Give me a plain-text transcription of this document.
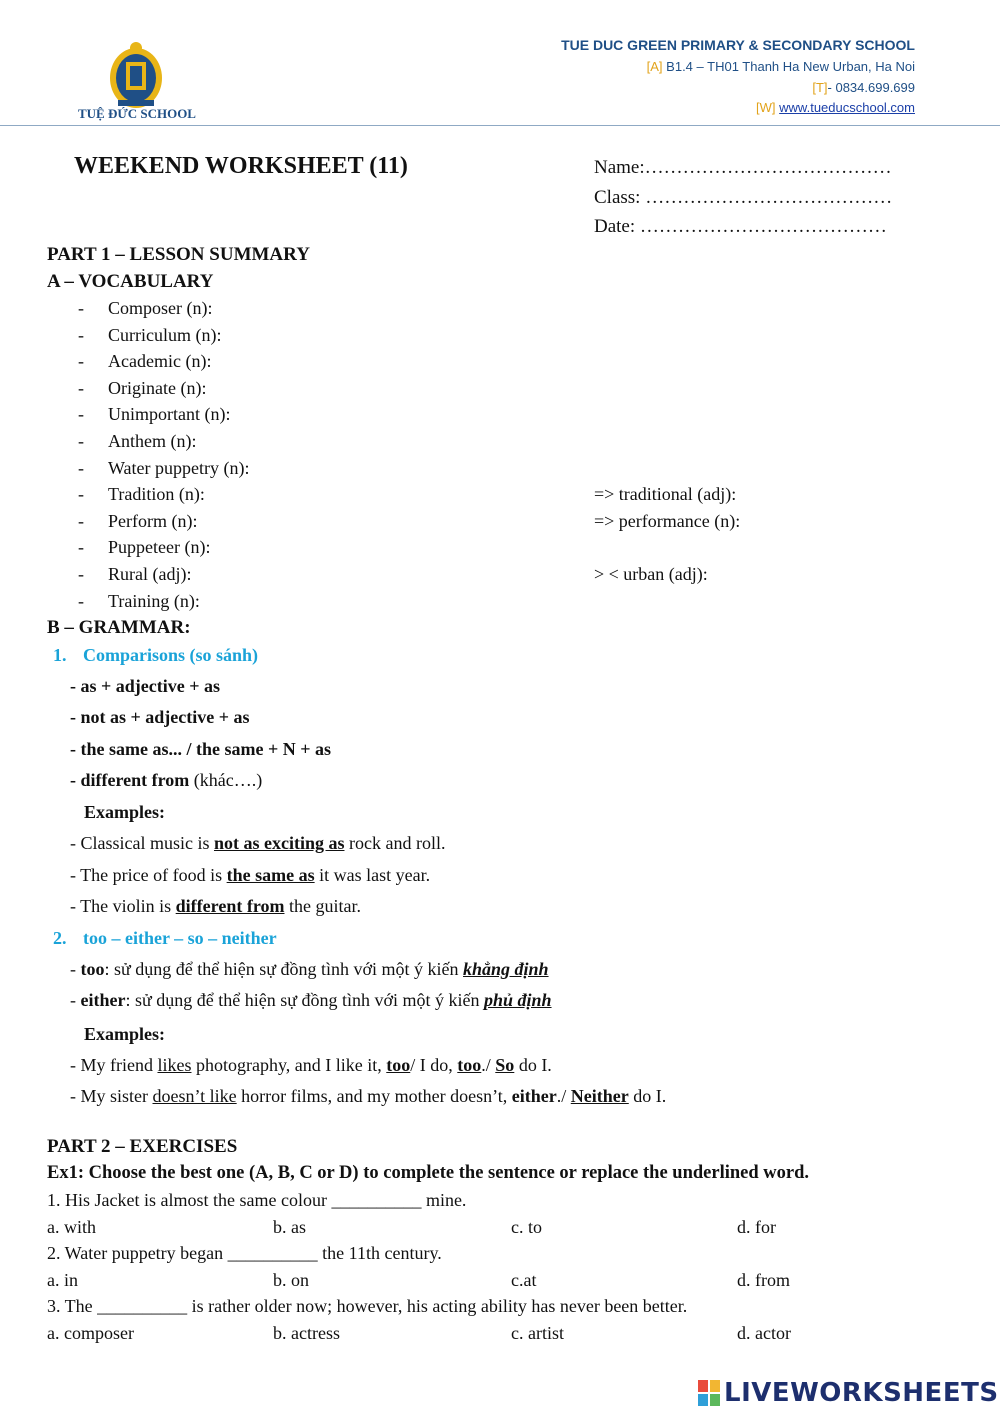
TUỆ ĐỨC SCHOOL
TUE DUC GREEN PRIMARY & SECONDARY SCHOOL
[A] B1.4 – TH01 Thanh Ha New Urban, Ha Noi
[T]- 0834.699.699
[W] www.tueducschool.com
WEEKEND WORKSHEET (11)	Name:…………………………………
Class: …………………………………
Date: …………………………………
PART 1 – LESSON SUMMARY
A – VOCABULARY
- Composer (n):
- Curriculum (n):
- Academic (n):
- Originate (n):
- Unimportant (n):
- Anthem (n):
- Water puppetry (n):
- Tradition (n):	=> traditional (adj):
- Perform (n):	=> performance (n):
- Puppeteer (n):
- Rural (adj):	> < urban (adj):
- Training (n):
B – GRAMMAR:
1. Comparisons (so sánh)
- as + adjective + as
- not as + adjective + as
- the same as... / the same + N + as
- different from (khác….)
Examples:
- Classical music is not as exciting as rock and roll.
- The price of food is the same as it was last year.
- The violin is different from the guitar.
2. too – either – so – neither
- too: sử dụng để thể hiện sự đồng tình với một ý kiến khẳng định
- either: sử dụng để thể hiện sự đồng tình với một ý kiến phủ định
Examples:
- My friend likes photography, and I like it, too/ I do, too./ So do I.
- My sister doesn’t like horror films, and my mother doesn’t, either./ Neither do I.
PART 2 – EXERCISES
Ex1: Choose the best one (A, B, C or D) to complete the sentence or replace the underlined word.
1. His Jacket is almost the same colour __________ mine.
a. with	b. as	c. to	d. for
2. Water puppetry began __________ the 11th century.
a. in	b. on	c.at	d. from
3. The __________ is rather older now; however, his acting ability has never been better.
a. composer	b. actress	c. artist	d. actor
LIVEWORKSHEETS
